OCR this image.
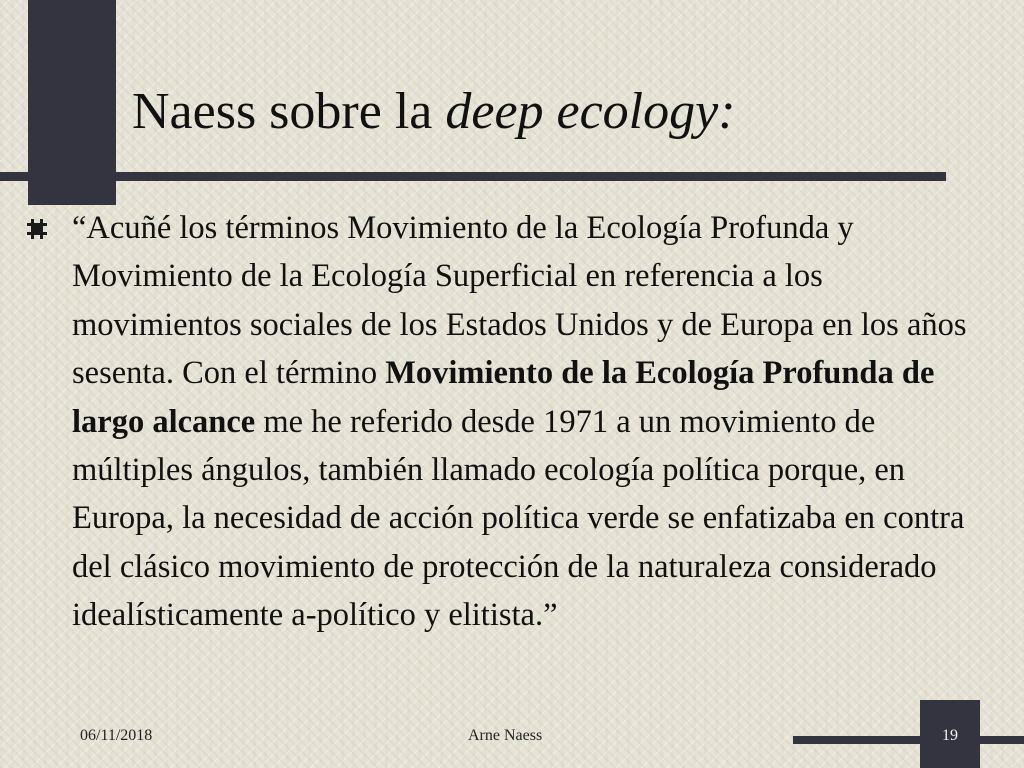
Naess sobre la deep ecology:

“Acuñé los términos Movimiento de la Ecología Profunda y Movimiento de la Ecología Superficial en referencia a los movimientos sociales de los Estados Unidos y de Europa en los años sesenta. Con el término Movimiento de la Ecología Profunda de largo alcance me he referido desde 1971 a un movimiento de múltiples ángulos, también llamado ecología política porque, en Europa, la necesidad de acción política verde se enfatizaba en contra del clásico movimiento de protección de la naturaleza considerado idealísticamente a-político y elitista.”

06/11/2018	Arne Naess	19
